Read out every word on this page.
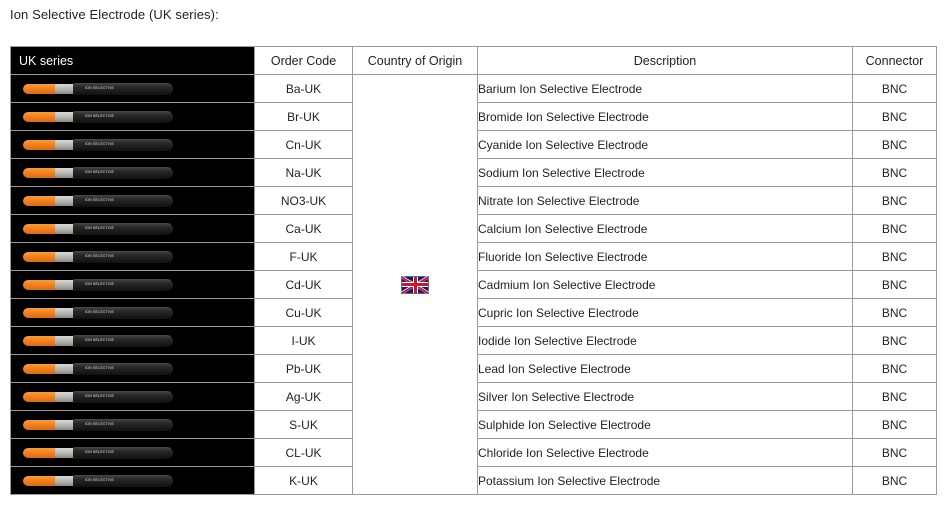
Ion Selective Electrode (UK series):
UK series	Order Code	Country of Origin	Description	Connector

ION SELECTIVE	Ba-UK		Barium Ion Selective Electrode	BNC

ION SELECTIVE	Br-UK		Bromide Ion Selective Electrode	BNC

ION SELECTIVE	Cn-UK		Cyanide Ion Selective Electrode	BNC

ION SELECTIVE	Na-UK		Sodium Ion Selective Electrode	BNC

ION SELECTIVE	NO3-UK		Nitrate Ion Selective Electrode	BNC

ION SELECTIVE	Ca-UK		Calcium Ion Selective Electrode	BNC

ION SELECTIVE	F-UK		Fluoride Ion Selective Electrode	BNC

ION SELECTIVE	Cd-UK		Cadmium Ion Selective Electrode	BNC

ION SELECTIVE	Cu-UK		Cupric Ion Selective Electrode	BNC

ION SELECTIVE	I-UK		Iodide Ion Selective Electrode	BNC

ION SELECTIVE	Pb-UK		Lead Ion Selective Electrode	BNC

ION SELECTIVE	Ag-UK		Silver Ion Selective Electrode	BNC

ION SELECTIVE	S-UK		Sulphide Ion Selective Electrode	BNC

ION SELECTIVE	CL-UK		Chloride Ion Selective Electrode	BNC

ION SELECTIVE	K-UK		Potassium Ion Selective Electrode	BNC
